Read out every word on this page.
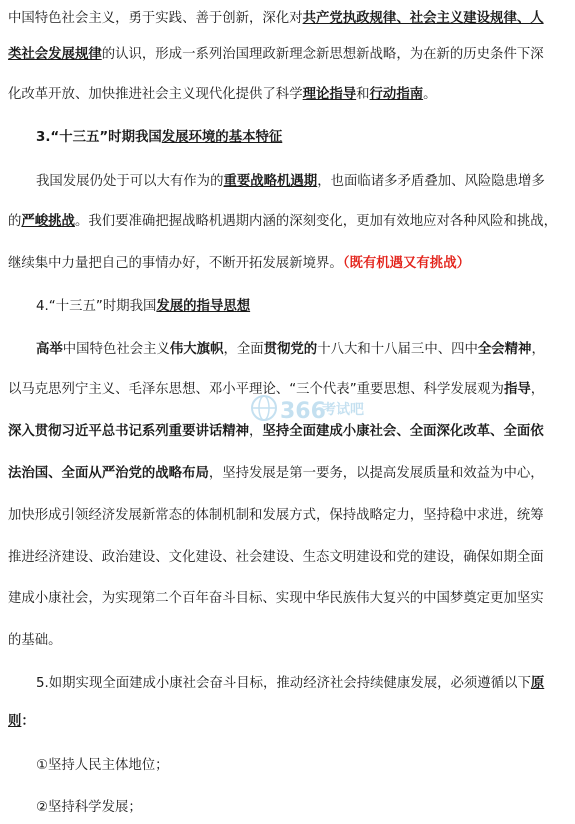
中国特色社会主义，勇于实践、善于创新，深化对共产党执政规律、社会主义建设规律、人
类社会发展规律的认识，形成一系列治国理政新理念新思想新战略，为在新的历史条件下深
化改革开放、加快推进社会主义现代化提供了科学理论指导和行动指南。
3.“十三五”时期我国发展环境的基本特征
我国发展仍处于可以大有作为的重要战略机遇期，也面临诸多矛盾叠加、风险隐患增多
的严峻挑战。我们要准确把握战略机遇期内涵的深刻变化，更加有效地应对各种风险和挑战，
继续集中力量把自己的事情办好，不断开拓发展新境界。（既有机遇又有挑战）
4.“十三五”时期我国发展的指导思想
高举中国特色社会主义伟大旗帜，全面贯彻党的十八大和十八届三中、四中全会精神，
以马克思列宁主义、毛泽东思想、邓小平理论、“三个代表”重要思想、科学发展观为指导，
深入贯彻习近平总书记系列重要讲话精神，坚持全面建成小康社会、全面深化改革、全面依
法治国、全面从严治党的战略布局，坚持发展是第一要务，以提高发展质量和效益为中心，
加快形成引领经济发展新常态的体制机制和发展方式，保持战略定力，坚持稳中求进，统筹
推进经济建设、政治建设、文化建设、社会建设、生态文明建设和党的建设，确保如期全面
建成小康社会，为实现第二个百年奋斗目标、实现中华民族伟大复兴的中国梦奠定更加坚实
的基础。
5.如期实现全面建成小康社会奋斗目标，推动经济社会持续健康发展，必须遵循以下原
则：
①坚持人民主体地位；
②坚持科学发展；
366
考试吧
